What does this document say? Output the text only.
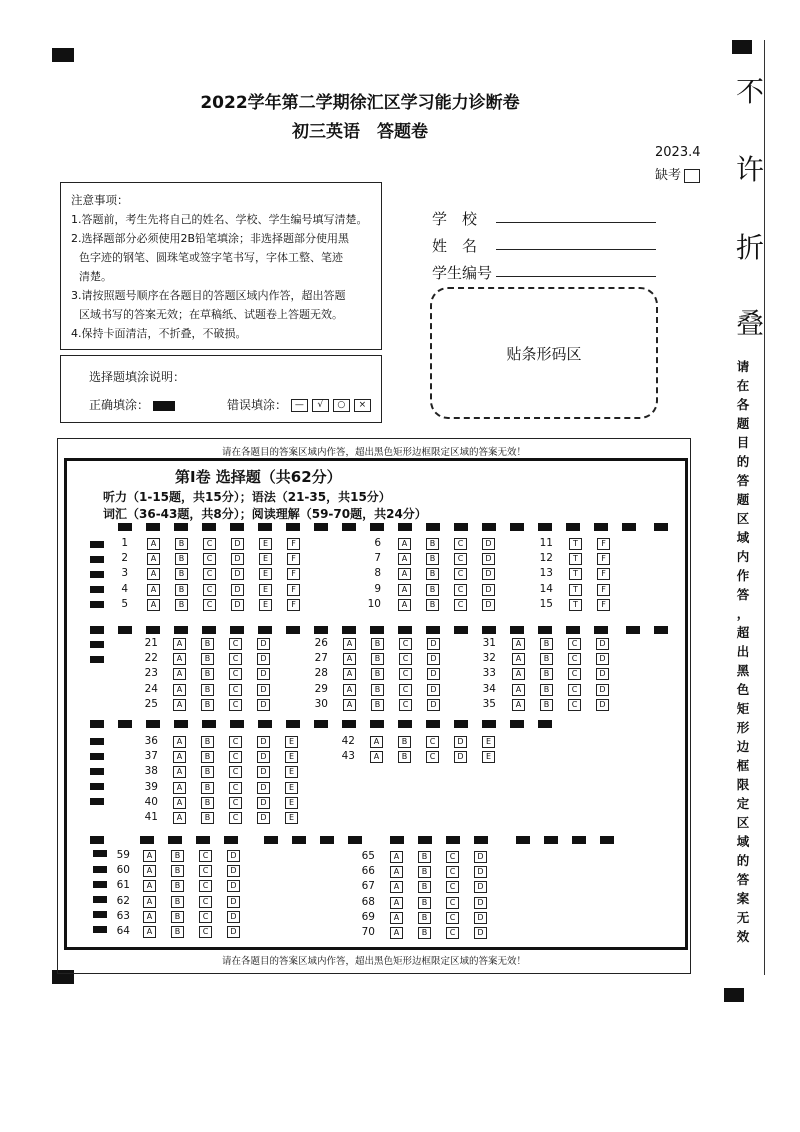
2022学年第二学期徐汇区学习能力诊断卷
初三英语　答题卷
2023.4
缺考
注意事项：
1.答题前，考生先将自己的姓名、学校、学生编号填写清楚。
2.选择题部分必须使用2B铅笔填涂；非选择题部分使用黑
色字迹的钢笔、圆珠笔或签字笔书写，字体工整、笔迹
清楚。
3.请按照题号顺序在各题目的答题区域内作答，超出答题
区域书写的答案无效；在草稿纸、试题卷上答题无效。
4.保持卡面清洁，不折叠，不破损。
选择题填涂说明：
正确填涂：	错误填涂： — √ ○ ×
学　校
姓　名
学生编号
贴条形码区
请在各题目的答案区域内作答，超出黑色矩形边框限定区域的答案无效！
请在各题目的答案区域内作答，超出黑色矩形边框限定区域的答案无效！
第Ⅰ卷 选择题（共62分）
听力（1-15题，共15分）；语法（21-35，共15分）
词汇（36-43题，共8分）；阅读理解（59-70题，共24分）
1	A	B	C	D	E	F
2	A	B	C	D	E	F
3	A	B	C	D	E	F
4	A	B	C	D	E	F
5	A	B	C	D	E	F
6	A	B	C	D
7	A	B	C	D
8	A	B	C	D
9	A	B	C	D
10	A	B	C	D
11	T	F
12	T	F
13	T	F
14	T	F
15	T	F
21	A	B	C	D
22	A	B	C	D
23	A	B	C	D
24	A	B	C	D
25	A	B	C	D
26	A	B	C	D
27	A	B	C	D
28	A	B	C	D
29	A	B	C	D
30	A	B	C	D
31	A	B	C	D
32	A	B	C	D
33	A	B	C	D
34	A	B	C	D
35	A	B	C	D
36	A	B	C	D	E
37	A	B	C	D	E
38	A	B	C	D	E
39	A	B	C	D	E
40	A	B	C	D	E
41	A	B	C	D	E
42	A	B	C	D	E
43	A	B	C	D	E
59	A	B	C	D
60	A	B	C	D
61	A	B	C	D
62	A	B	C	D
63	A	B	C	D
64	A	B	C	D
65	A	B	C	D
66	A	B	C	D
67	A	B	C	D
68	A	B	C	D
69	A	B	C	D
70	A	B	C	D
不
许
折
叠
请
在
各
题
目
的
答
题
区
域
内
作
答
，
超
出
黑
色
矩
形
边
框
限
定
区
域
的
答
案
无
效
